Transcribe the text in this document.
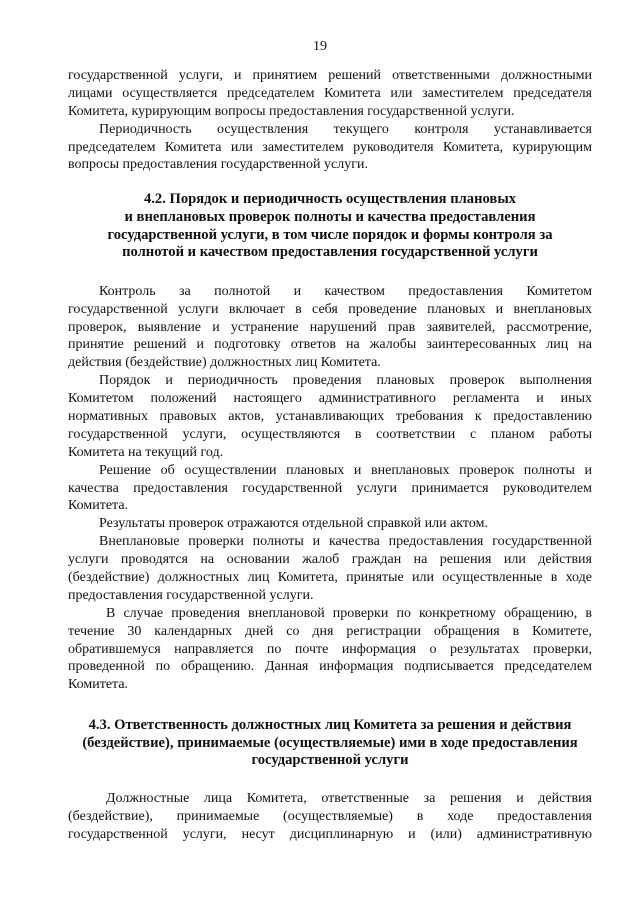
19

государственной услуги, и принятием решений ответственными должностными
лицами осуществляется председателем Комитета или заместителем председателя
Комитета, курирующим вопросы предоставления государственной услуги.

Периодичность осуществления текущего контроля устанавливается
председателем Комитета или заместителем руководителя Комитета, курирующим
вопросы предоставления государственной услуги.

4.2. Порядок и периодичность осуществления плановых
и внеплановых проверок полноты и качества предоставления
государственной услуги, в том числе порядок и формы контроля за
полнотой и качеством предоставления государственной услуги

Контроль за полнотой и качеством предоставления Комитетом
государственной услуги включает в себя проведение плановых и внеплановых
проверок, выявление и устранение нарушений прав заявителей, рассмотрение,
принятие решений и подготовку ответов на жалобы заинтересованных лиц на
действия (бездействие) должностных лиц Комитета.

Порядок и периодичность проведения плановых проверок выполнения
Комитетом положений настоящего административного регламента и иных
нормативных правовых актов, устанавливающих требования к предоставлению
государственной услуги, осуществляются в соответствии с планом работы
Комитета на текущий год.

Решение об осуществлении плановых и внеплановых проверок полноты и
качества предоставления государственной услуги принимается руководителем
Комитета.

Результаты проверок отражаются отдельной справкой или актом.

Внеплановые проверки полноты и качества предоставления государственной
услуги проводятся на основании жалоб граждан на решения или действия
(бездействие) должностных лиц Комитета, принятые или осуществленные в ходе
предоставления государственной услуги.

В случае проведения внеплановой проверки по конкретному обращению, в
течение 30 календарных дней со дня регистрации обращения в Комитете,
обратившемуся направляется по почте информация о результатах проверки,
проведенной по обращению. Данная информация подписывается председателем
Комитета.

4.3. Ответственность должностных лиц Комитета за решения и действия
(бездействие), принимаемые (осуществляемые) ими в ходе предоставления
государственной услуги

Должностные лица Комитета, ответственные за решения и действия
(бездействие), принимаемые (осуществляемые) в ходе предоставления
государственной услуги, несут дисциплинарную и (или) административную
